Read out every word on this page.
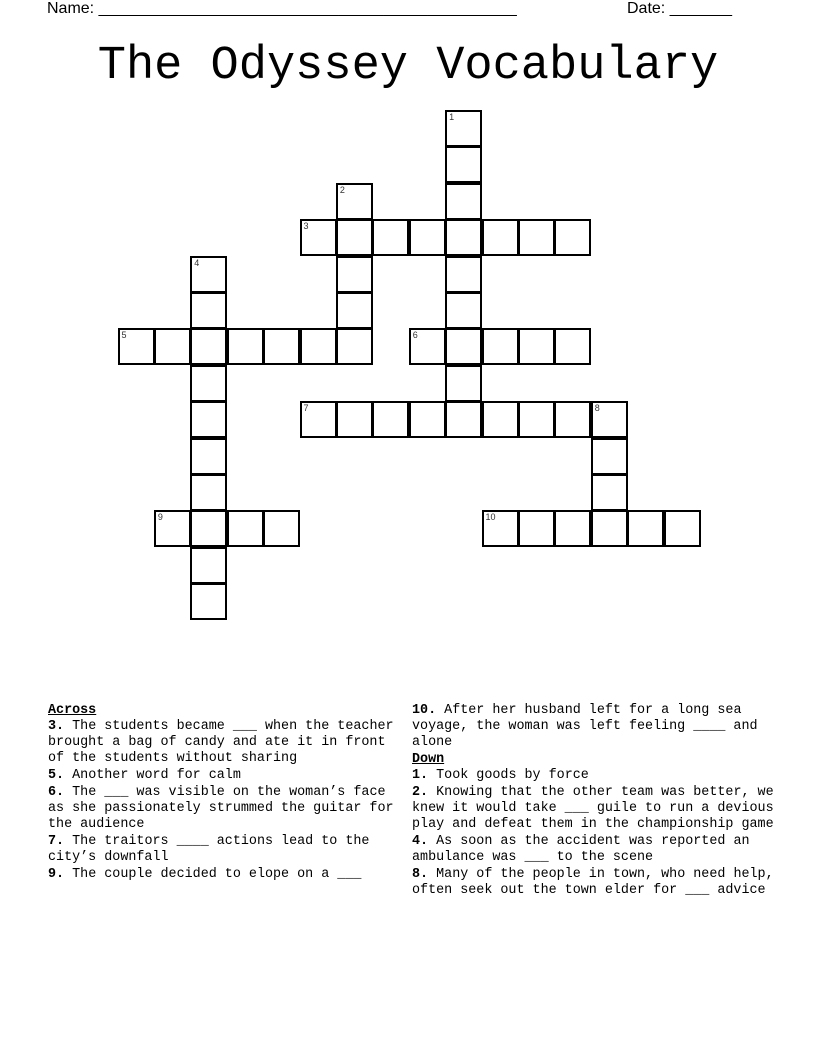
Name: _______________________________________________	Date: _______
The Odyssey Vocabulary
1
2
3
4
5	6
7	8
9	10
Across
3. The students became ___ when the teacher brought a bag of candy and ate it in front of the students without sharing
5. Another word for calm
6. The ___ was visible on the woman’s face as she passionately strummed the guitar for the audience
7. The traitors ____ actions lead to the city’s downfall
9. The couple decided to elope on a ___
10. After her husband left for a long sea voyage, the woman was left feeling ____ and alone
Down
1. Took goods by force
2. Knowing that the other team was better, we knew it would take ___ guile to run a devious play and defeat them in the championship game
4. As soon as the accident was reported an ambulance was ___ to the scene
8. Many of the people in town, who need help, often seek out the town elder for ___ advice
